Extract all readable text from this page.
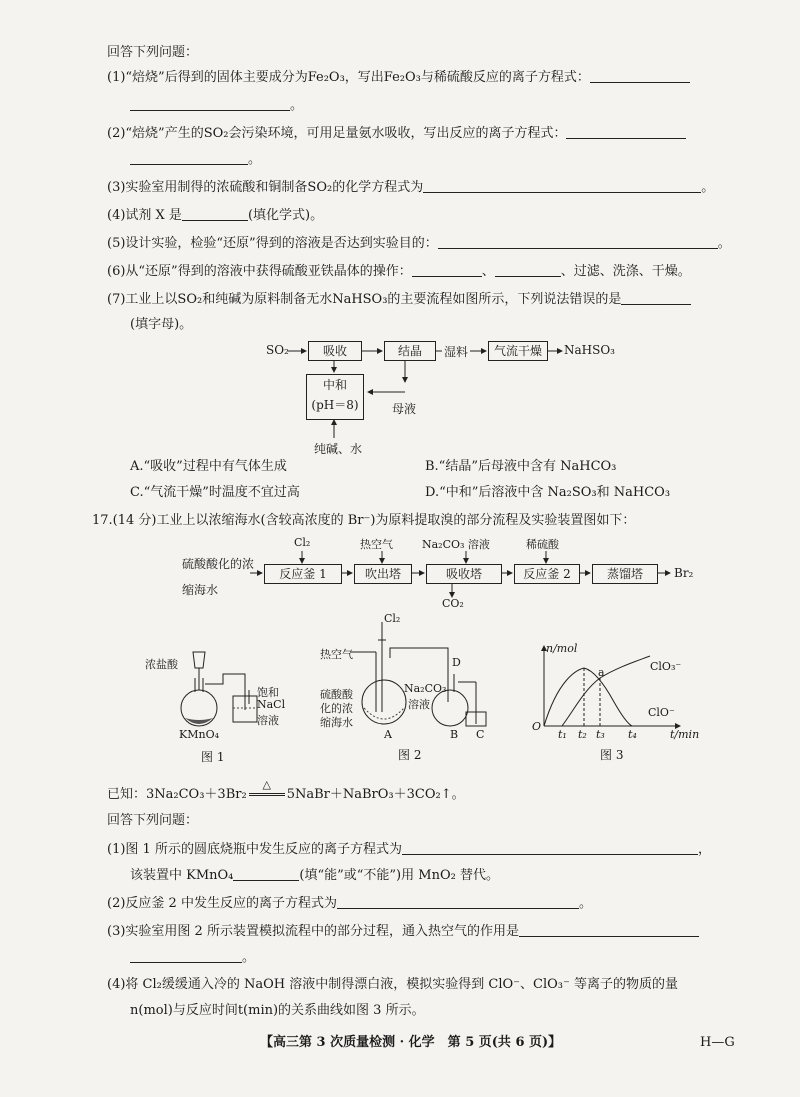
回答下列问题：
(1)“焙烧”后得到的固体主要成分为Fe₂O₃，写出Fe₂O₃与稀硫酸反应的离子方程式：
。
(2)“焙烧”产生的SO₂会污染环境，可用足量氨水吸收，写出反应的离子方程式：
。
(3)实验室用制得的浓硫酸和铜制备SO₂的化学方程式为	。
(4)试剂 X 是	(填化学式)。
(5)设计实验，检验“还原”得到的溶液是否达到实验目的：	。
(6)从“还原”得到的溶液中获得硫酸亚铁晶体的操作：	、	、过滤、洗涤、干燥。
(7)工业上以SO₂和纯碱为原料制备无水NaHSO₃的主要流程如图所示，下列说法错误的是
(填字母)。
SO₂	吸收	结晶	湿料	气流干燥	NaHSO₃
中和
(pH＝8)	母液
纯碱、水
A.“吸收”过程中有气体生成	B.“结晶”后母液中含有 NaHCO₃
C.“气流干燥”时温度不宜过高	D.“中和”后溶液中含 Na₂SO₃和 NaHCO₃
17.(14 分)工业上以浓缩海水(含较高浓度的 Br⁻)为原料提取溴的部分流程及实验装置图如下：
硫酸酸化的浓
缩海水
Cl₂	热空气	Na₂CO₃ 溶液	稀硫酸
反应釜 1	吹出塔	吸收塔	反应釜 2	蒸馏塔	Br₂
CO₂
浓盐酸
饱和
NaCl
溶液
KMnO₄
图 1
Cl₂
热空气
D
硫酸酸
化的浓
缩海水
Na₂CO₃
溶液
A	B C
图 2
n/mol
a	ClO₃⁻
ClO⁻
O
t₁ t₂ t₃ t₄	t/min
图 3
已知：3Na₂CO₃＋3Br₂
△
5NaBr＋NaBrO₃＋3CO₂↑。
回答下列问题：
(1)图 1 所示的圆底烧瓶中发生反应的离子方程式为	，
该装置中 KMnO₄	(填“能”或“不能”)用 MnO₂ 替代。
(2)反应釜 2 中发生反应的离子方程式为	。
(3)实验室用图 2 所示装置模拟流程中的部分过程，通入热空气的作用是
。
(4)将 Cl₂缓缓通入冷的 NaOH 溶液中制得漂白液，模拟实验得到 ClO⁻、ClO₃⁻ 等离子的物质的量
n(mol)与反应时间t(min)的关系曲线如图 3 所示。
【高三第 3 次质量检测 · 化学　第 5 页(共 6 页)】	H—G
